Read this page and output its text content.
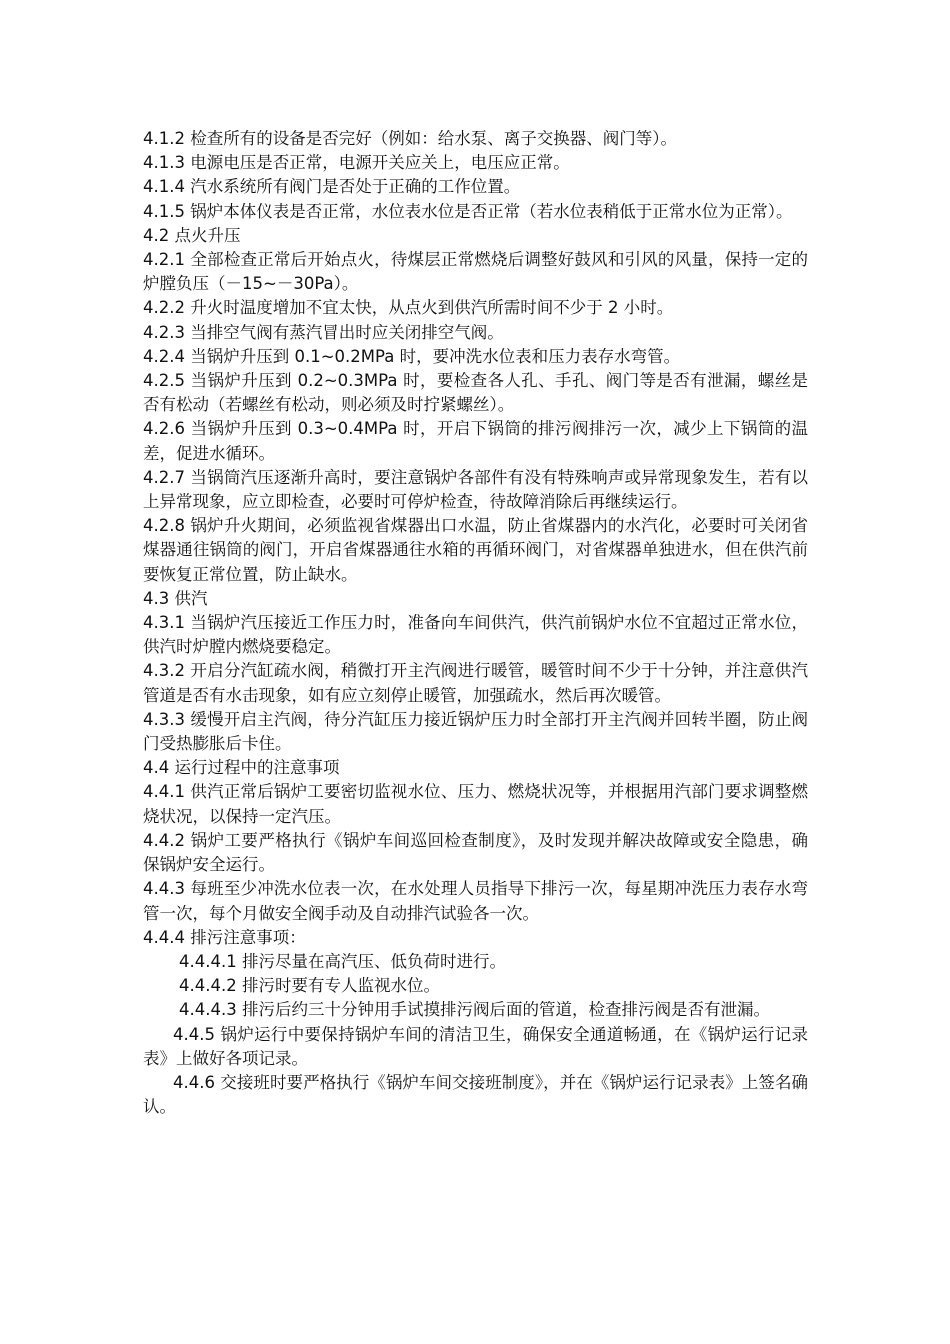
4.1.2 检查所有的设备是否完好（例如：给水泵、离子交换器、阀门等）。

4.1.3 电源电压是否正常，电源开关应关上，电压应正常。

4.1.4 汽水系统所有阀门是否处于正确的工作位置。

4.1.5 锅炉本体仪表是否正常，水位表水位是否正常（若水位表稍低于正常水位为正常）。

4.2 点火升压

4.2.1 全部检查正常后开始点火，待煤层正常燃烧后调整好鼓风和引风的风量，保持一定的炉膛负压（－15~－30Pa）。

4.2.2 升火时温度增加不宜太快，从点火到供汽所需时间不少于 2 小时。

4.2.3 当排空气阀有蒸汽冒出时应关闭排空气阀。

4.2.4 当锅炉升压到 0.1~0.2MPa 时，要冲洗水位表和压力表存水弯管。

4.2.5 当锅炉升压到 0.2~0.3MPa 时，要检查各人孔、手孔、阀门等是否有泄漏，螺丝是否有松动（若螺丝有松动，则必须及时拧紧螺丝）。

4.2.6 当锅炉升压到 0.3~0.4MPa 时，开启下锅筒的排污阀排污一次，减少上下锅筒的温差，促进水循环。

4.2.7 当锅筒汽压逐渐升高时，要注意锅炉各部件有没有特殊响声或异常现象发生，若有以上异常现象，应立即检查，必要时可停炉检查，待故障消除后再继续运行。

4.2.8 锅炉升火期间，必须监视省煤器出口水温，防止省煤器内的水汽化，必要时可关闭省煤器通往锅筒的阀门，开启省煤器通往水箱的再循环阀门，对省煤器单独进水，但在供汽前要恢复正常位置，防止缺水。

4.3 供汽

4.3.1 当锅炉汽压接近工作压力时，准备向车间供汽，供汽前锅炉水位不宜超过正常水位，供汽时炉膛内燃烧要稳定。

4.3.2 开启分汽缸疏水阀，稍微打开主汽阀进行暖管，暖管时间不少于十分钟，并注意供汽管道是否有水击现象，如有应立刻停止暖管，加强疏水，然后再次暖管。

4.3.3 缓慢开启主汽阀，待分汽缸压力接近锅炉压力时全部打开主汽阀并回转半圈，防止阀门受热膨胀后卡住。

4.4 运行过程中的注意事项

4.4.1 供汽正常后锅炉工要密切监视水位、压力、燃烧状况等，并根据用汽部门要求调整燃烧状况，以保持一定汽压。

4.4.2 锅炉工要严格执行《锅炉车间巡回检查制度》，及时发现并解决故障或安全隐患，确保锅炉安全运行。

4.4.3 每班至少冲洗水位表一次，在水处理人员指导下排污一次，每星期冲洗压力表存水弯管一次，每个月做安全阀手动及自动排汽试验各一次。

4.4.4 排污注意事项：

4.4.4.1 排污尽量在高汽压、低负荷时进行。

4.4.4.2 排污时要有专人监视水位。

4.4.4.3 排污后约三十分钟用手试摸排污阀后面的管道，检查排污阀是否有泄漏。

4.4.5 锅炉运行中要保持锅炉车间的清洁卫生，确保安全通道畅通，在《锅炉运行记录表》上做好各项记录。

4.4.6 交接班时要严格执行《锅炉车间交接班制度》，并在《锅炉运行记录表》上签名确认。
